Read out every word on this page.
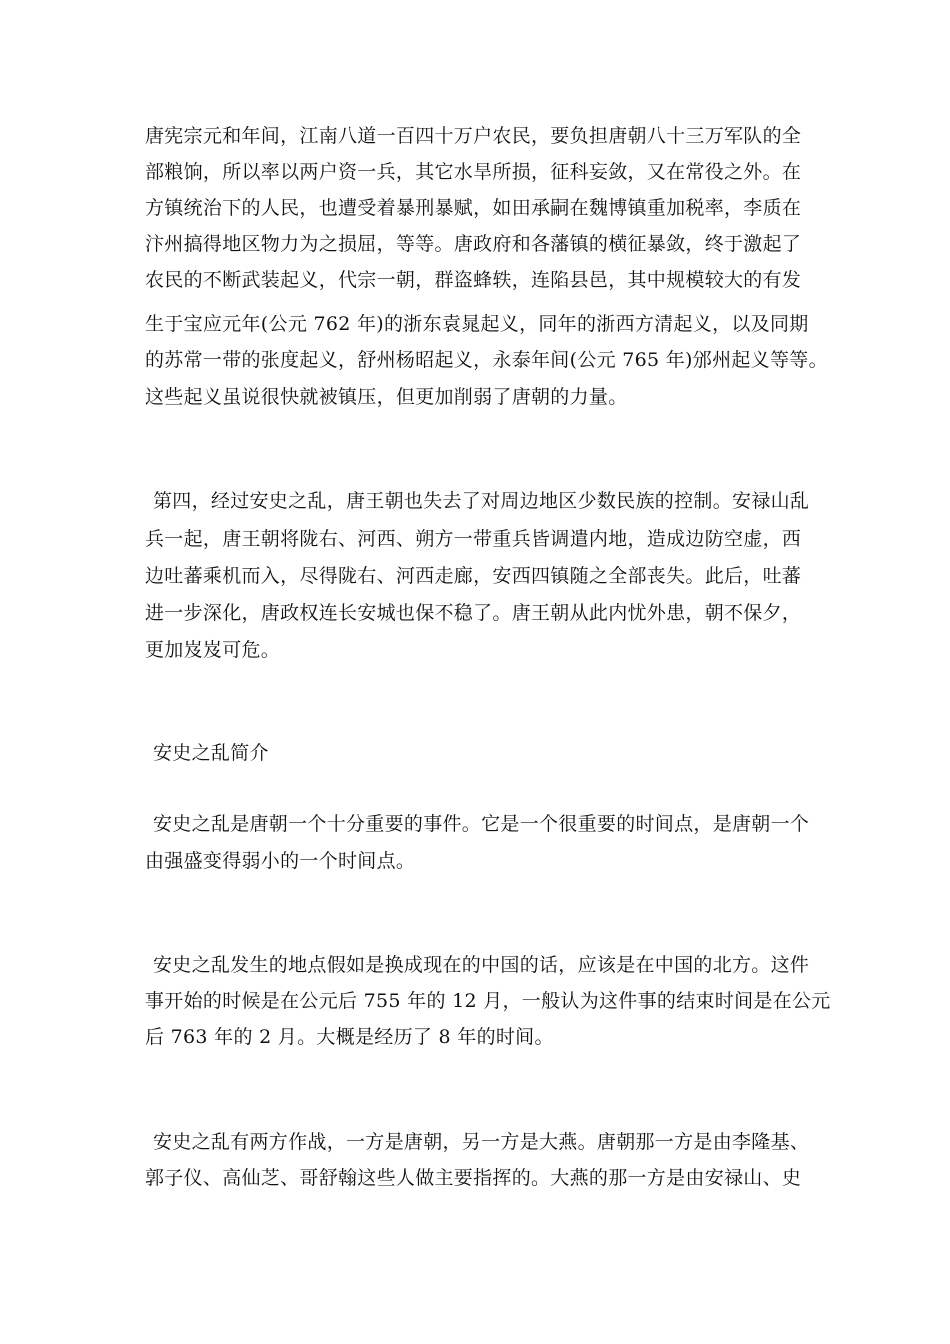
唐宪宗元和年间，江南八道一百四十万户农民，要负担唐朝八十三万军队的全
部粮饷，所以率以两户资一兵，其它水旱所损，征科妄敛，又在常役之外。在
方镇统治下的人民，也遭受着暴刑暴赋，如田承嗣在魏博镇重加税率，李质在
汴州搞得地区物力为之损屈，等等。唐政府和各藩镇的横征暴敛，终于激起了
农民的不断武装起义，代宗一朝，群盗蜂轶，连陷县邑，其中规模较大的有发
生于宝应元年(公元 762 年)的浙东袁晁起义，同年的浙西方清起义，以及同期
的苏常一带的张度起义，舒州杨昭起义，永泰年间(公元 765 年)邠州起义等等。
这些起义虽说很快就被镇压，但更加削弱了唐朝的力量。
第四，经过安史之乱，唐王朝也失去了对周边地区少数民族的控制。安禄山乱
兵一起，唐王朝将陇右、河西、朔方一带重兵皆调遣内地，造成边防空虚，西
边吐蕃乘机而入，尽得陇右、河西走廊，安西四镇随之全部丧失。此后，吐蕃
进一步深化，唐政权连长安城也保不稳了。唐王朝从此内忧外患，朝不保夕，
更加岌岌可危。
安史之乱简介
安史之乱是唐朝一个十分重要的事件。它是一个很重要的时间点，是唐朝一个
由强盛变得弱小的一个时间点。
安史之乱发生的地点假如是换成现在的中国的话，应该是在中国的北方。这件
事开始的时候是在公元后 755 年的 12 月，一般认为这件事的结束时间是在公元
后 763 年的 2 月。大概是经历了 8 年的时间。
安史之乱有两方作战，一方是唐朝，另一方是大燕。唐朝那一方是由李隆基、
郭子仪、高仙芝、哥舒翰这些人做主要指挥的。大燕的那一方是由安禄山、史
